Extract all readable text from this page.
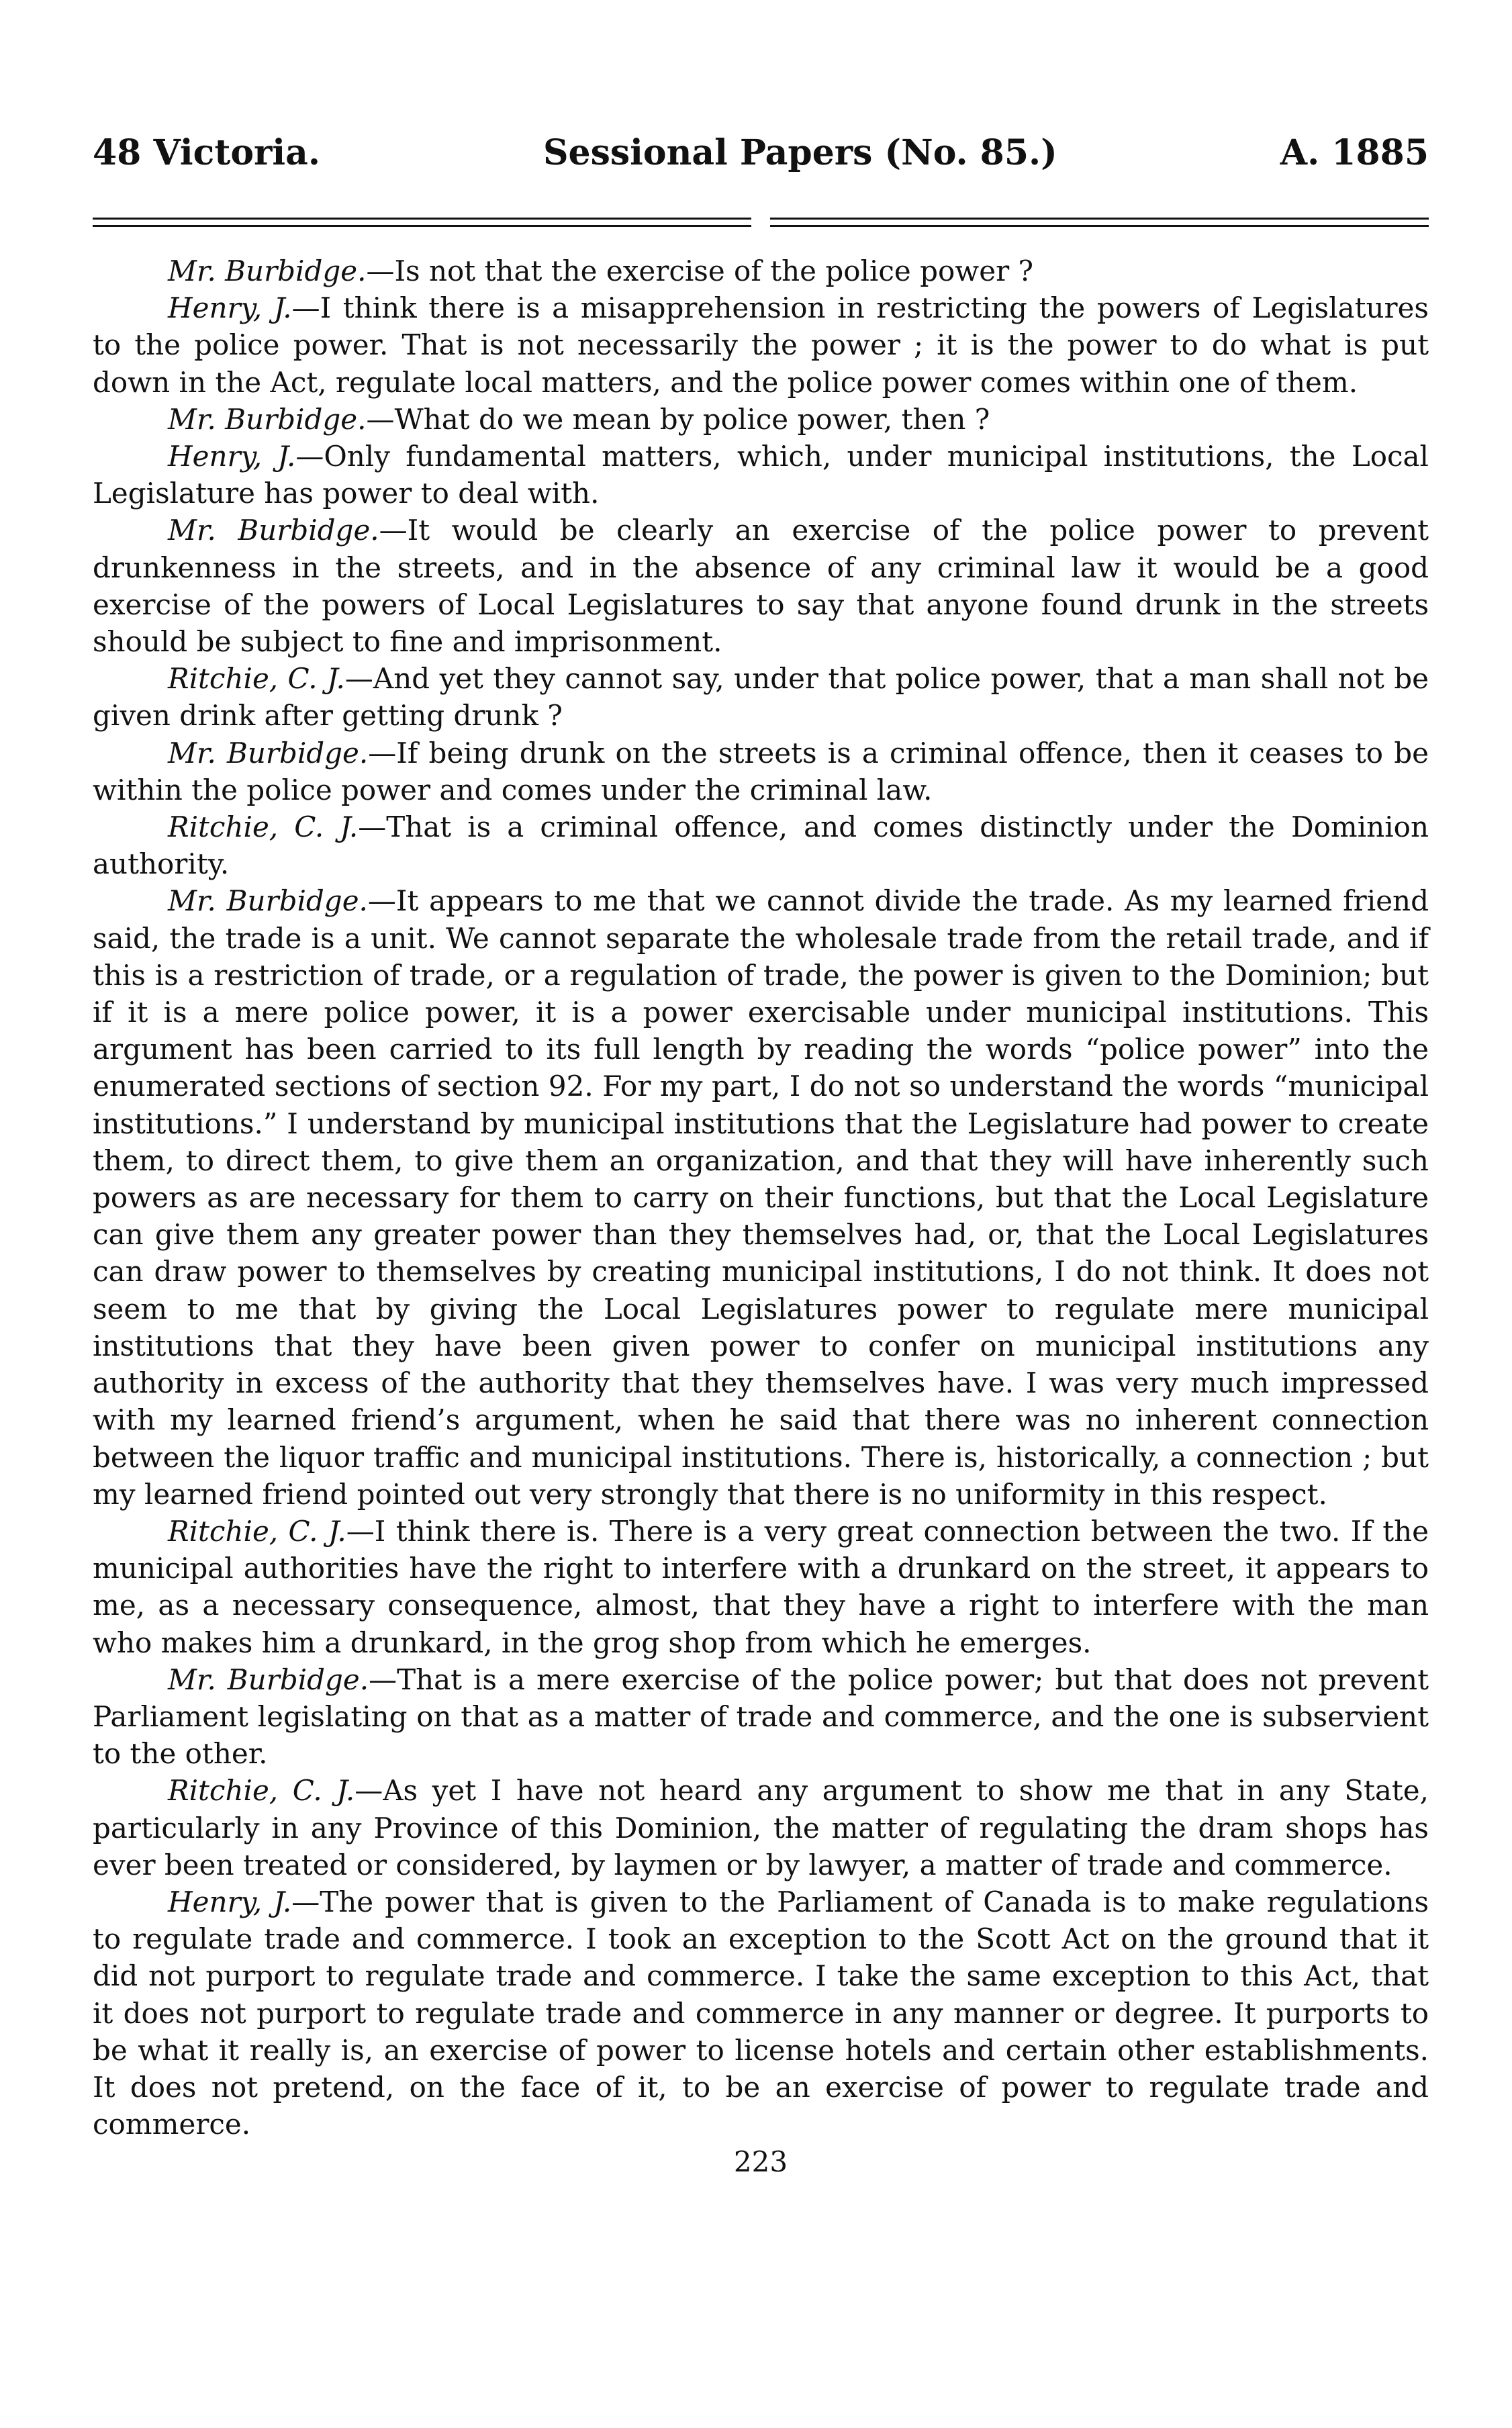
48 Victoria.	Sessional Papers (No. 85.)	A. 1885

Mr. Burbidge.—Is not that the exercise of the police power ?

Henry, J.—I think there is a misapprehension in restricting the powers of Legislatures to the police power. That is not necessarily the power ; it is the power to do what is put down in the Act, regulate local matters, and the police power comes within one of them.

Mr. Burbidge.—What do we mean by police power, then ?

Henry, J.—Only fundamental matters, which, under municipal institutions, the Local Legislature has power to deal with.

Mr. Burbidge.—It would be clearly an exercise of the police power to prevent drunkenness in the streets, and in the absence of any criminal law it would be a good exercise of the powers of Local Legislatures to say that anyone found drunk in the streets should be subject to fine and imprisonment.

Ritchie, C. J.—And yet they cannot say, under that police power, that a man shall not be given drink after getting drunk ?

Mr. Burbidge.—If being drunk on the streets is a criminal offence, then it ceases to be within the police power and comes under the criminal law.

Ritchie, C. J.—That is a criminal offence, and comes distinctly under the Dominion authority.

Mr. Burbidge.—It appears to me that we cannot divide the trade. As my learned friend said, the trade is a unit. We cannot separate the wholesale trade from the retail trade, and if this is a restriction of trade, or a regulation of trade, the power is given to the Dominion; but if it is a mere police power, it is a power exercisable under municipal institutions. This argument has been carried to its full length by reading the words “police power” into the enumerated sections of section 92. For my part, I do not so understand the words “municipal institutions.” I understand by municipal institutions that the Legislature had power to create them, to direct them, to give them an organization, and that they will have inherently such powers as are necessary for them to carry on their functions, but that the Local Legislature can give them any greater power than they themselves had, or, that the Local Legislatures can draw power to themselves by creating municipal institutions, I do not think. It does not seem to me that by giving the Local Legislatures power to regulate mere municipal institutions that they have been given power to confer on municipal institutions any authority in excess of the authority that they themselves have. I was very much impressed with my learned friend’s argument, when he said that there was no inherent connection between the liquor traffic and municipal institutions. There is, historically, a connection ; but my learned friend pointed out very strongly that there is no uniformity in this respect.

Ritchie, C. J.—I think there is. There is a very great connection between the two. If the municipal authorities have the right to interfere with a drunkard on the street, it appears to me, as a necessary consequence, almost, that they have a right to interfere with the man who makes him a drunkard, in the grog shop from which he emerges.

Mr. Burbidge.—That is a mere exercise of the police power; but that does not prevent Parliament legislating on that as a matter of trade and commerce, and the one is subservient to the other.

Ritchie, C. J.—As yet I have not heard any argument to show me that in any State, particularly in any Province of this Dominion, the matter of regulating the dram shops has ever been treated or considered, by laymen or by lawyer, a matter of trade and commerce.

Henry, J.—The power that is given to the Parliament of Canada is to make regulations to regulate trade and commerce. I took an exception to the Scott Act on the ground that it did not purport to regulate trade and commerce. I take the same exception to this Act, that it does not purport to regulate trade and commerce in any manner or degree. It purports to be what it really is, an exercise of power to license hotels and certain other establishments. It does not pretend, on the face of it, to be an exercise of power to regulate trade and commerce.

223
